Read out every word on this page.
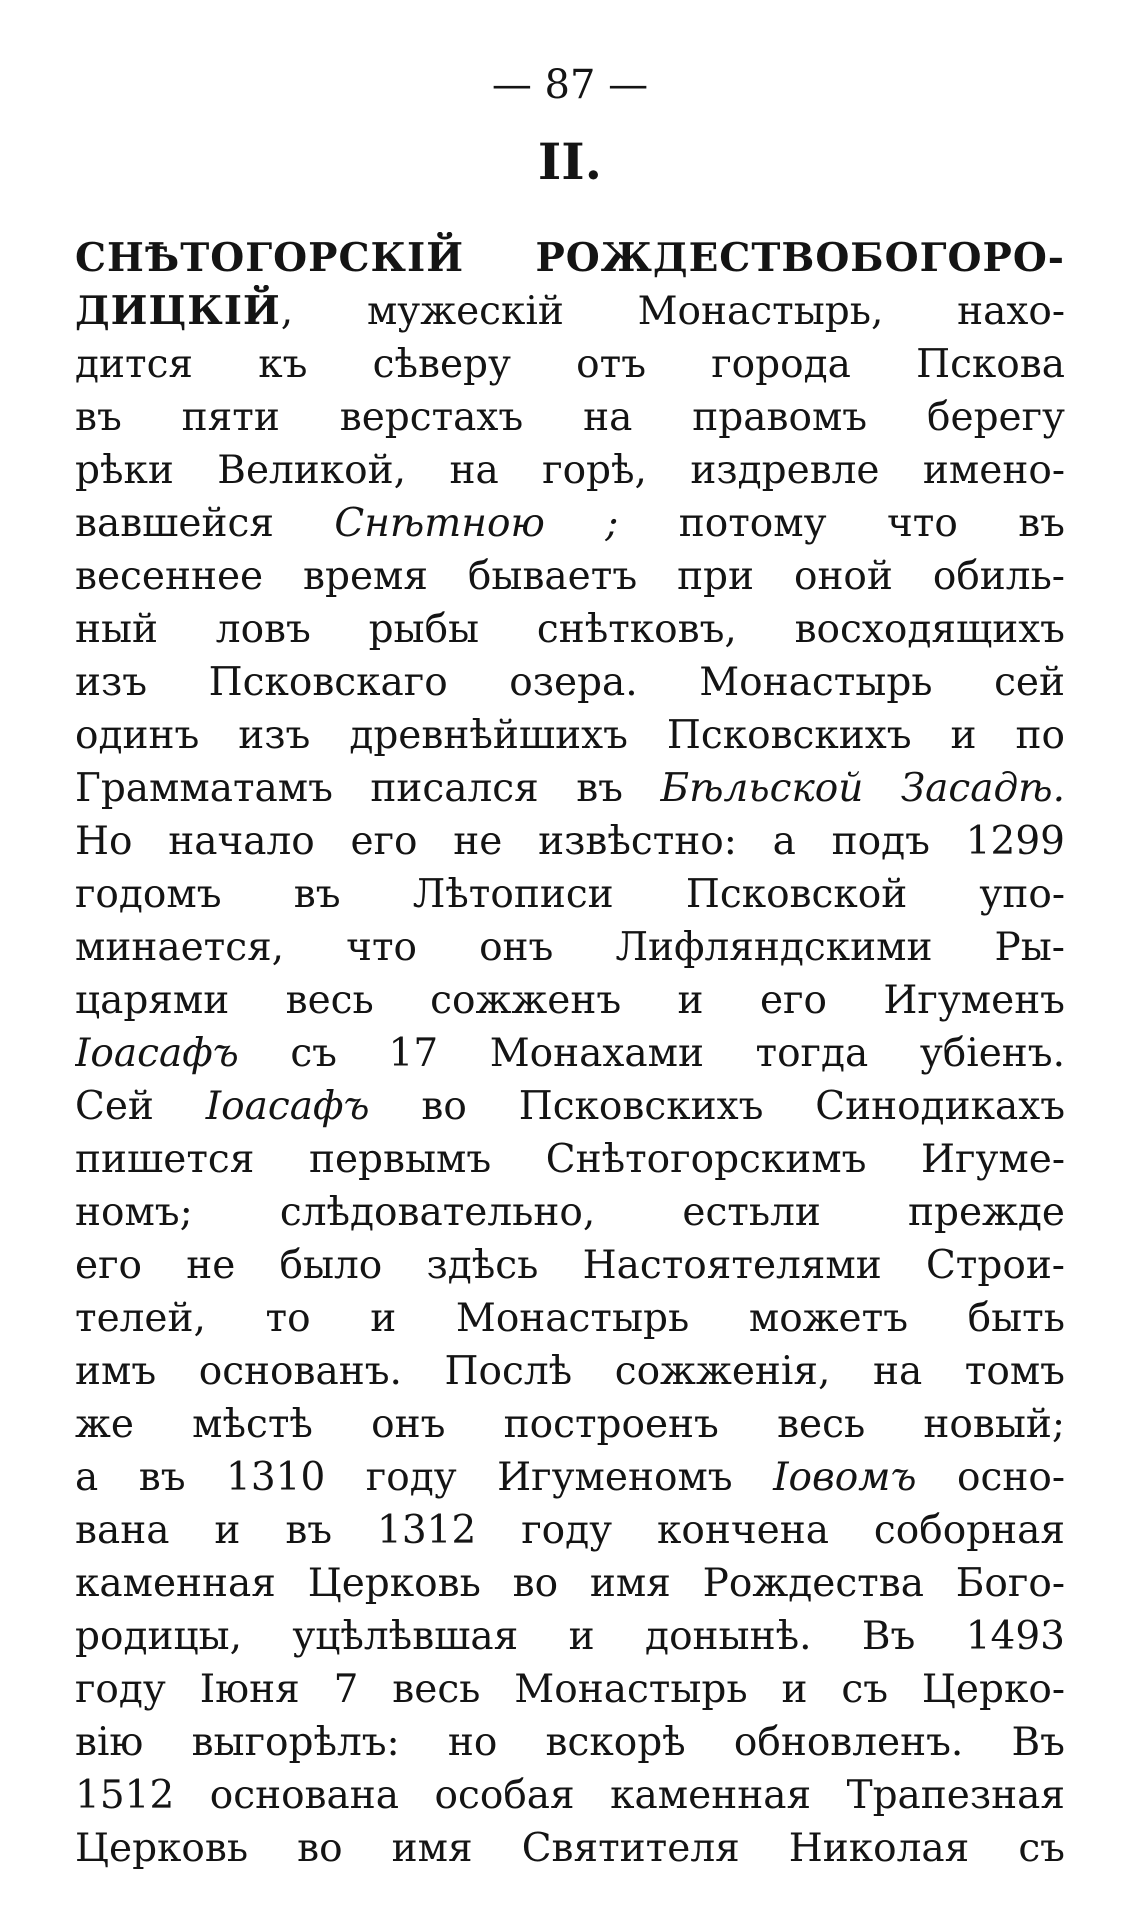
— 87 —
II.
СНѢТОГОРСКІЙ РОЖДЕСТВОБОГОРО-
ДИЦКІЙ, мужескій Монастырь, нахо-
дится къ сѣверу отъ города Пскова
въ пяти верстахъ на правомъ берегу
рѣки Великой, на горѣ, издревле имено-
вавшейся Снѣтною ; потому что въ
весеннее время бываетъ при оной обиль-
ный ловъ рыбы снѣтковъ, восходящихъ
изъ Псковскаго озера. Монастырь сей
одинъ изъ древнѣйшихъ Псковскихъ и по
Грамматамъ писался въ Бѣльской Засадѣ.
Но начало его не извѣстно: а подъ 1299
годомъ въ Лѣтописи Псковской упо-
минается, что онъ Лифляндскими Ры-
царями весь сожженъ и его Игуменъ
Іоасафъ съ 17 Монахами тогда убіенъ.
Сей Іоасафъ во Псковскихъ Синодикахъ
пишется первымъ Снѣтогорскимъ Игуме-
номъ; слѣдовательно, естьли прежде
его не было здѣсь Настоятелями Строи-
телей, то и Монастырь можетъ быть
имъ основанъ. Послѣ сожженія, на томъ
же мѣстѣ онъ построенъ весь новый;
а въ 1310 году Игуменомъ Іовомъ осно-
вана и въ 1312 году кончена соборная
каменная Церковь во имя Рождества Бого-
родицы, уцѣлѣвшая и донынѣ. Въ 1493
году Іюня 7 весь Монастырь и съ Церко-
вію выгорѣлъ: но вскорѣ обновленъ. Въ
1512 основана особая каменная Трапезная
Церковь во имя Святителя Николая съ
